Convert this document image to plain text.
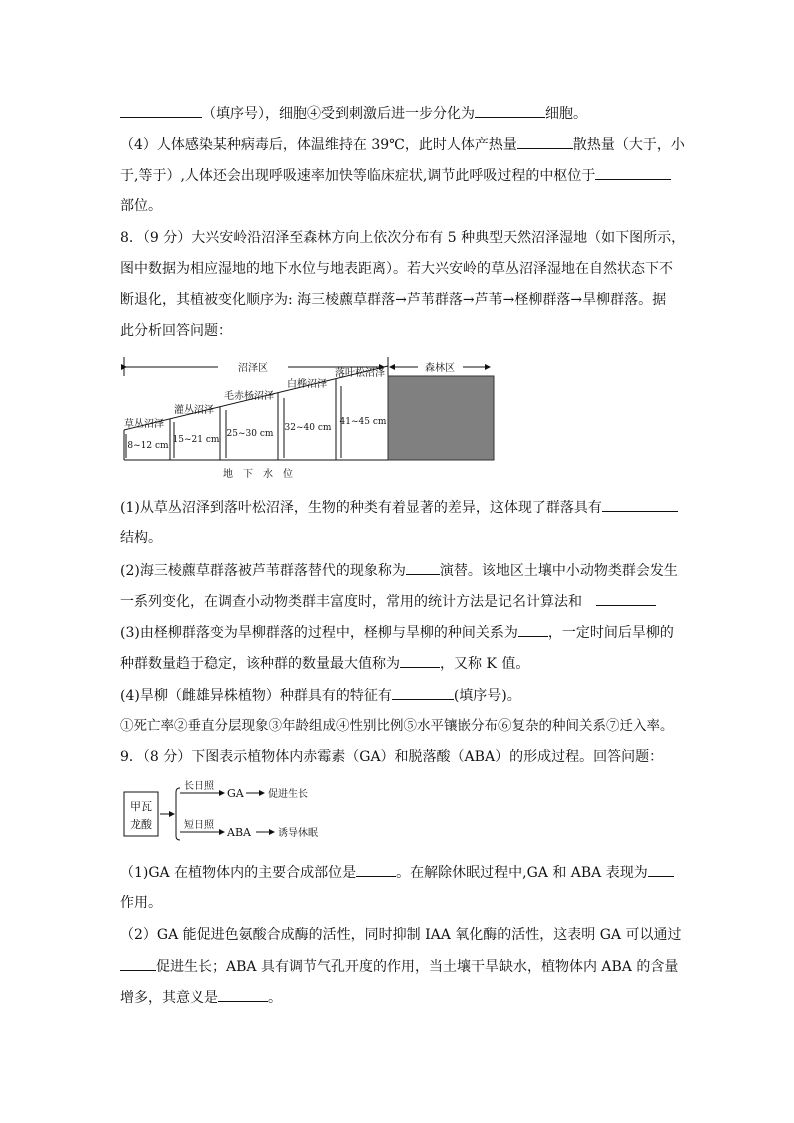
（填序号），细胞④受到刺激后进一步分化为	细胞。
（4）人体感染某种病毒后，体温维持在 39℃，此时人体产热量	散热量（大于，小
于,等于）,人体还会出现呼吸速率加快等临床症状,调节此呼吸过程的中枢位于
部位。
8．（9 分）大兴安岭沿沼泽至森林方向上依次分布有 5 种典型天然沼泽湿地（如下图所示，
图中数据为相应湿地的地下水位与地表距离）。若大兴安岭的草丛沼泽湿地在自然状态下不
断退化，其植被变化顺序为: 海三棱藨草群落→芦苇群落→芦苇→柽柳群落→旱柳群落。据
此分析回答问题：
沼泽区	森林区
草丛沼泽
灌丛沼泽
毛赤杨沼泽
白桦沼泽
落叶松沼泽
8~12 cm
15~21 cm
25~30 cm
32~40 cm
41~45 cm
地　下　水　位
(1)从草丛沼泽到落叶松沼泽，生物的种类有着显著的差异，这体现了群落具有
结构。
(2)海三棱藨草群落被芦苇群落替代的现象称为 演替。该地区土壤中小动物类群会发生
一系列变化，在调查小动物类群丰富度时，常用的统计方法是记名计算法和 
(3)由柽柳群落变为旱柳群落的过程中，柽柳与旱柳的种间关系为 ，一定时间后旱柳的
种群数量趋于稳定，该种群的数量最大值称为	，又称 K 值。
(4)旱柳（雌雄异株植物）种群具有的特征有	(填序号)。
①死亡率②垂直分层现象③年龄组成④性别比例⑤水平镶嵌分布⑥复杂的种间关系⑦迁入率。
9．（8 分）下图表示植物体内赤霉素（GA）和脱落酸（ABA）的形成过程。回答问题：
甲瓦
龙酸
长日照
GA 促进生长
短日照
ABA	诱导休眠
（1)GA 在植物体内的主要合成部位是	。在解除休眠过程中,GA 和 ABA 表现为
作用。
（2）GA 能促进色氨酸合成酶的活性，同时抑制 IAA 氧化酶的活性，这表明 GA 可以通过
促进生长；ABA 具有调节气孔开度的作用，当土壤干旱缺水，植物体内 ABA 的含量
增多，其意义是	。
